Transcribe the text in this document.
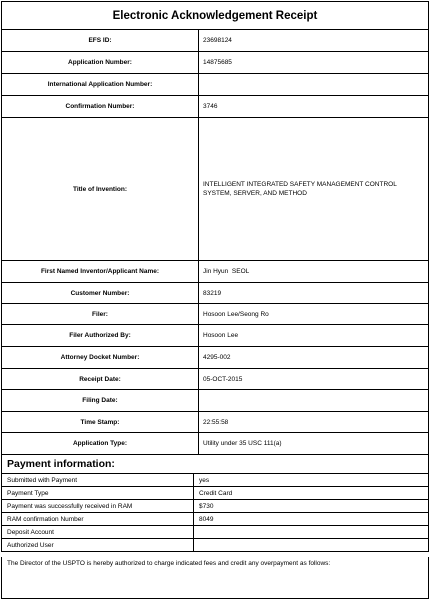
Electronic Acknowledgement Receipt
EFS ID:	23698124
Application Number:	14875685
International Application Number:	
Confirmation Number:	3746
Title of Invention:	INTELLIGENT INTEGRATED SAFETY MANAGEMENT CONTROL SYSTEM, SERVER, AND METHOD
First Named Inventor/Applicant Name:	Jin Hyun  SEOL
Customer Number:	83219
Filer:	Hosoon Lee/Seong Ro
Filer Authorized By:	Hosoon Lee
Attorney Docket Number:	4295-002
Receipt Date:	05-OCT-2015
Filing Date:	
Time Stamp:	22:55:58
Application Type:	Utility under 35 USC 111(a)
Payment information:
Submitted with Payment	yes
Payment Type	Credit Card
Payment was successfully received in RAM	$730
RAM confirmation Number	8049
Deposit Account	
Authorized User	
The Director of the USPTO is hereby authorized to charge indicated fees and credit any overpayment as follows:
